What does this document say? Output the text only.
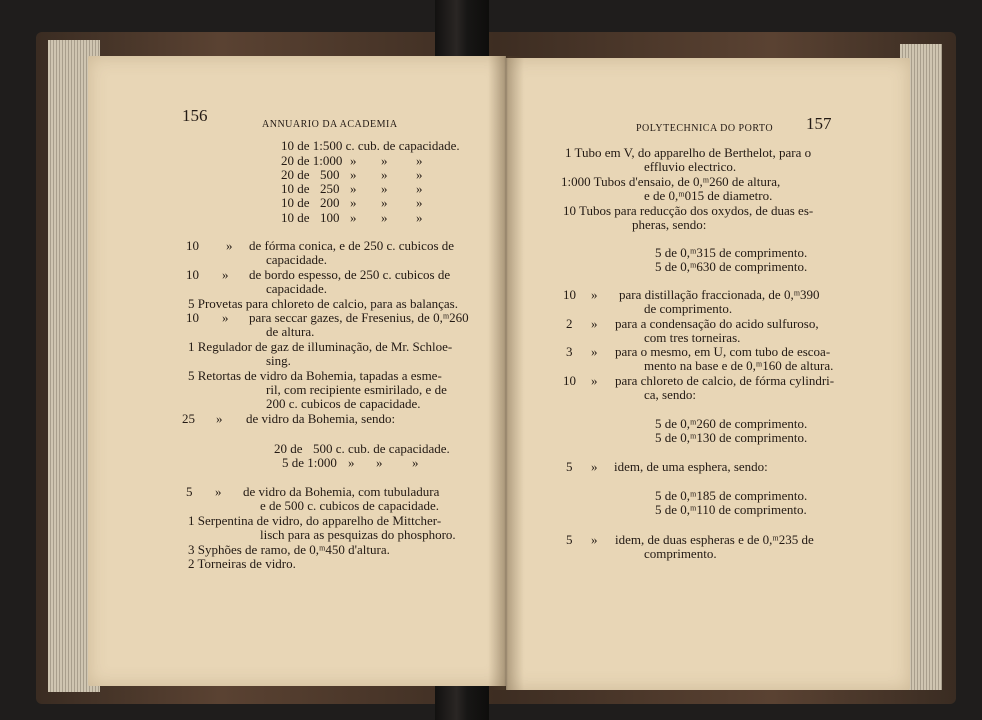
156	ANNUARIO DA ACADEMIA
10 de 1:500 c. cub. de capacidade.
20 de 1:000 » » »
20 de 500 » » »
10 de 250 » » »
10 de 200 » » »
10 de 100 » » »
10 » de fórma conica, e de 250 c. cubicos de
capacidade.
10 » de bordo espesso, de 250 c. cubicos de
capacidade.
5 Provetas para chloreto de calcio, para as balanças.
10 » para seccar gazes, de Fresenius, de 0,ᵐ260
de altura.
1 Regulador de gaz de illuminação, de Mr. Schloe-
sing.
5 Retortas de vidro da Bohemia, tapadas a esme-
ril, com recipiente esmirilado, e de
200 c. cubicos de capacidade.
25 » de vidro da Bohemia, sendo:
20 de 500 c. cub. de capacidade.
5 de 1:000 » » »
5 » de vidro da Bohemia, com tubuladura
e de 500 c. cubicos de capacidade.
1 Serpentina de vidro, do apparelho de Mittcher-
lisch para as pesquizas do phosphoro.
3 Syphões de ramo, de 0,ᵐ450 d'altura.
2 Torneiras de vidro.
POLYTECHNICA DO PORTO 157
1 Tubo em V, do apparelho de Berthelot, para o
effluvio electrico.
1:000 Tubos d'ensaio, de 0,ᵐ260 de altura,
e de 0,ᵐ015 de diametro.
10 Tubos para reducção dos oxydos, de duas es-
pheras, sendo:
5 de 0,ᵐ315 de comprimento.
5 de 0,ᵐ630 de comprimento.
10 » para distillação fraccionada, de 0,ᵐ390
de comprimento.
2 » para a condensação do acido sulfuroso,
com tres torneiras.
3 » para o mesmo, em U, com tubo de escoa-
mento na base e de 0,ᵐ160 de altura.
10 » para chloreto de calcio, de fórma cylindri-
ca, sendo:
5 de 0,ᵐ260 de comprimento.
5 de 0,ᵐ130 de comprimento.
5 » idem, de uma esphera, sendo:
5 de 0,ᵐ185 de comprimento.
5 de 0,ᵐ110 de comprimento.
5 » idem, de duas espheras e de 0,ᵐ235 de
comprimento.
